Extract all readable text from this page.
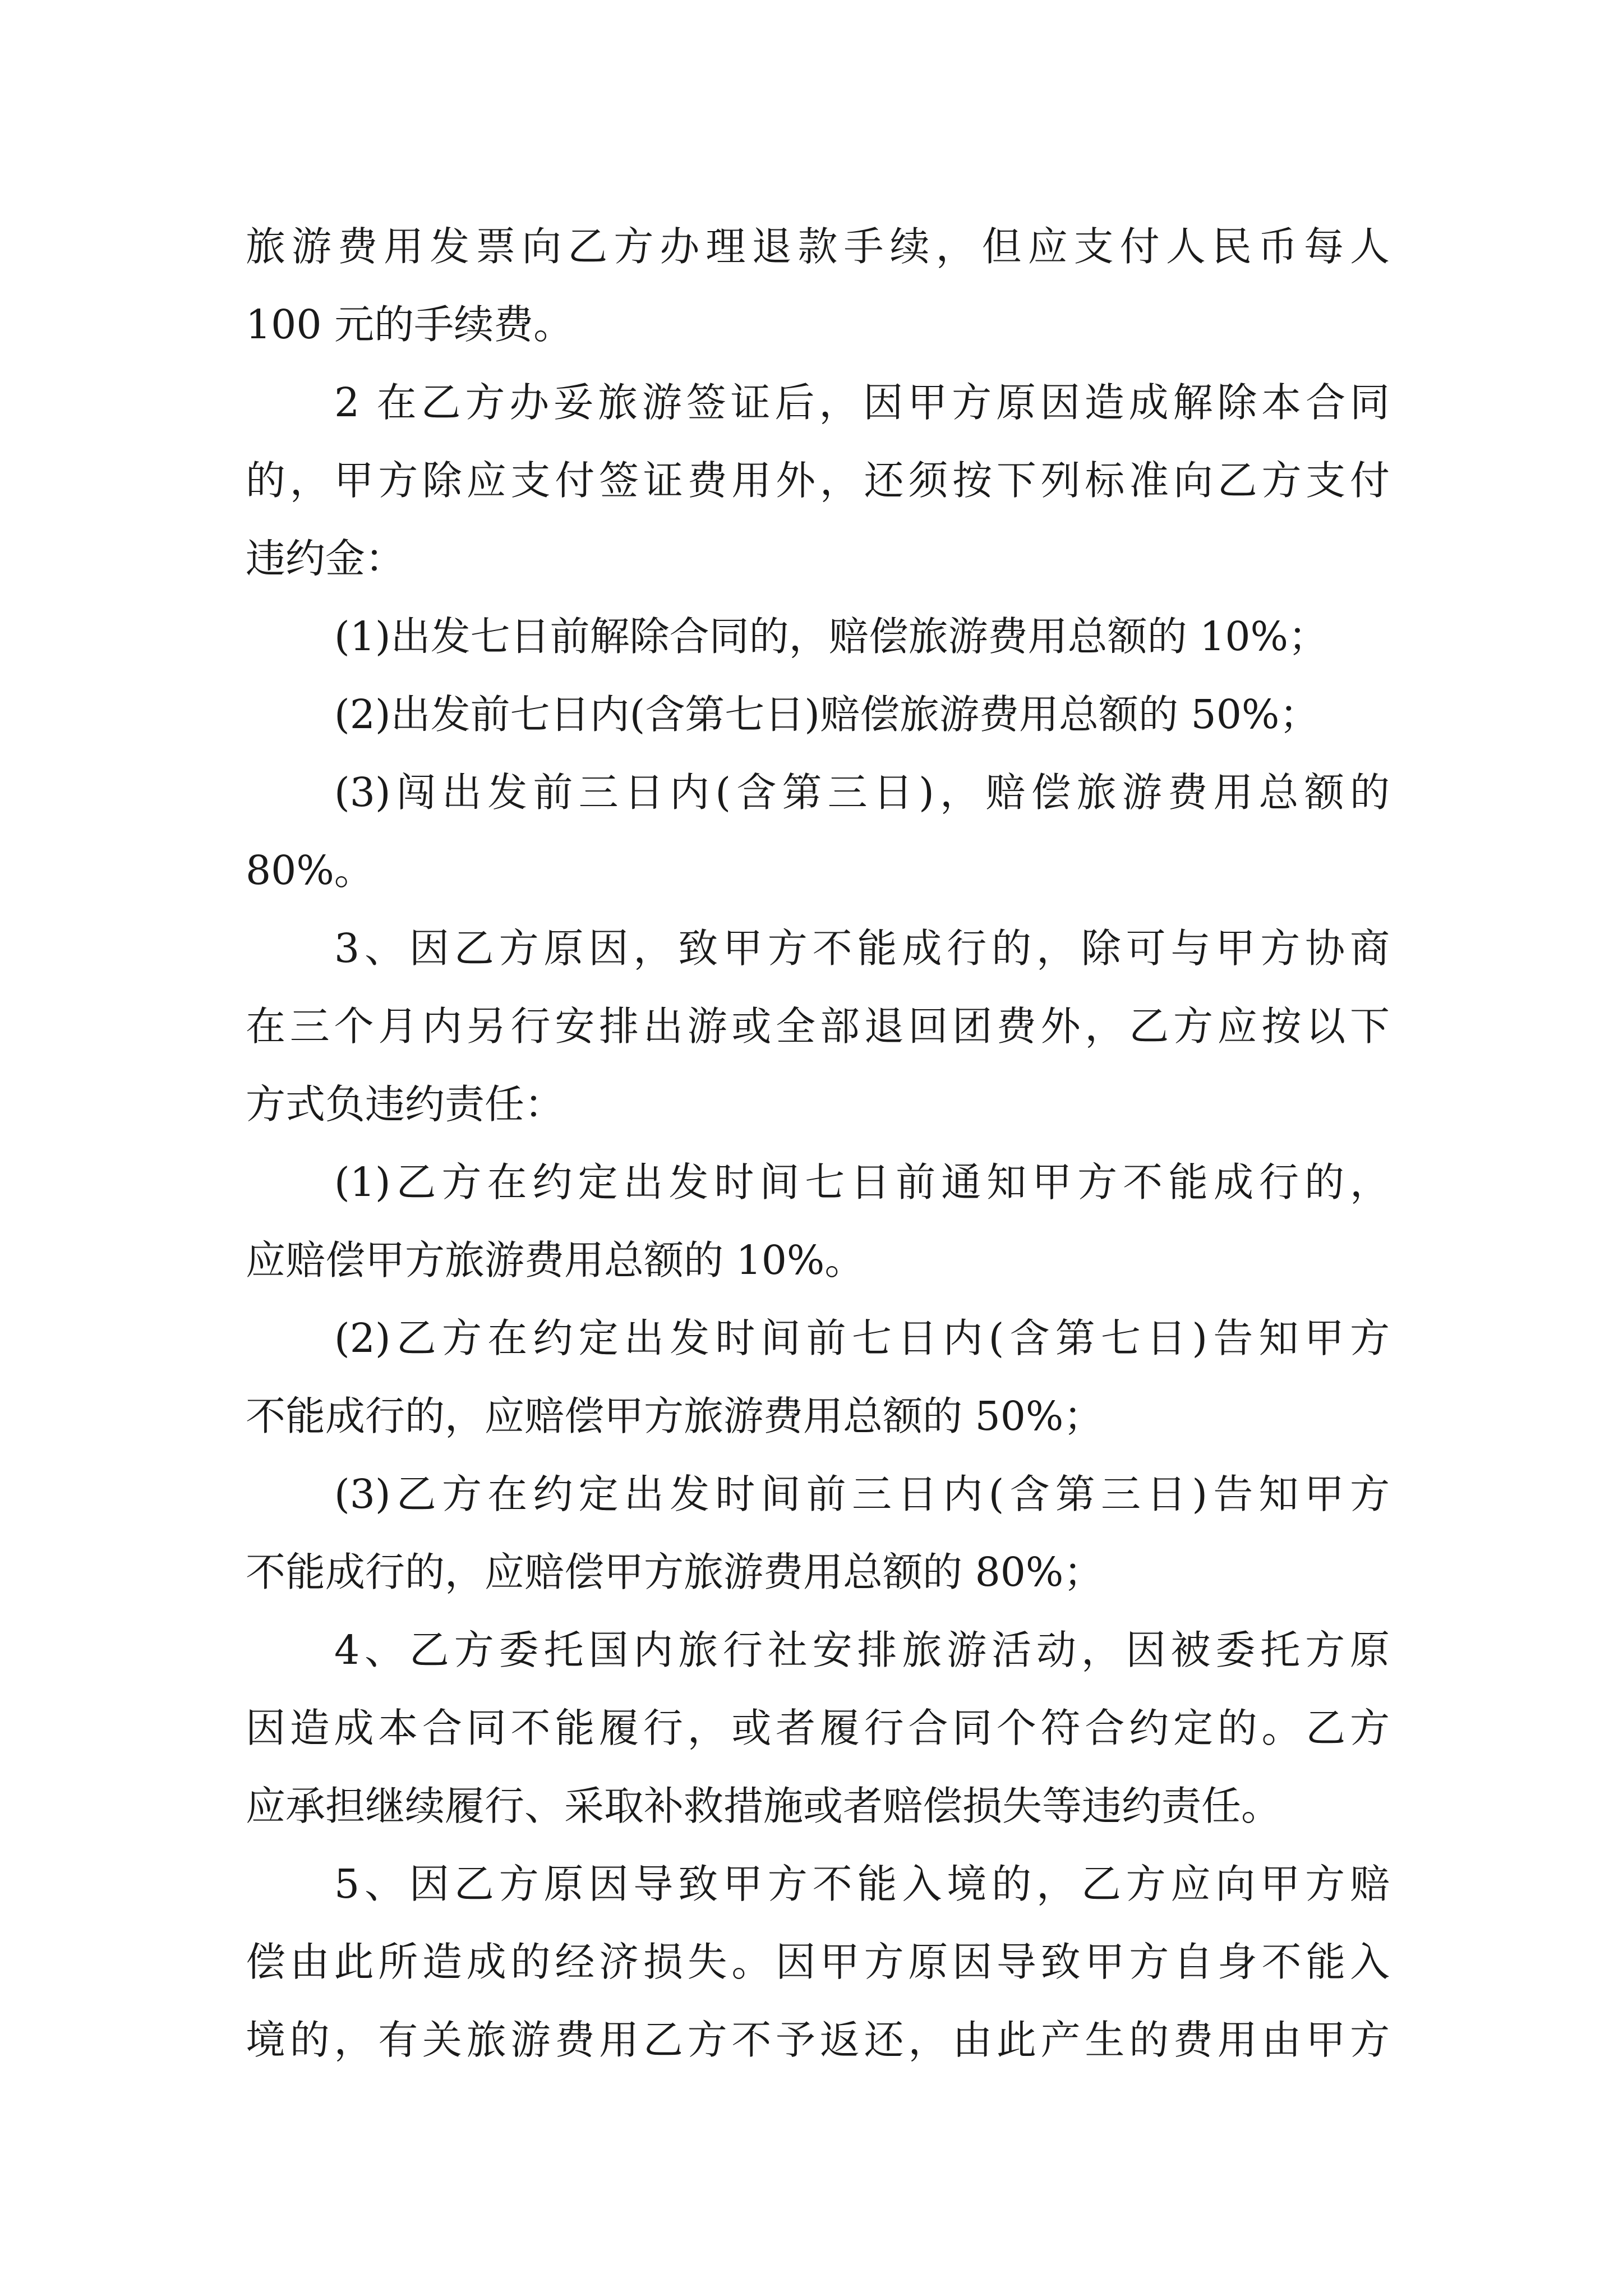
旅游费用发票向乙方办理退款手续，但应支付人民币每人
100 元的手续费。
2 在乙方办妥旅游签证后，因甲方原因造成解除本合同
的，甲方除应支付签证费用外，还须按下列标准向乙方支付
违约金：
(1)出发七日前解除合同的，赔偿旅游费用总额的 10%；
(2)出发前七日内(含第七日)赔偿旅游费用总额的 50%；
(3)闯出发前三日内(含第三日)，赔偿旅游费用总额的
80%。
3、因乙方原因，致甲方不能成行的，除可与甲方协商
在三个月内另行安排出游或全部退回团费外，乙方应按以下
方式负违约责任：
(1)乙方在约定出发时间七日前通知甲方不能成行的，
应赔偿甲方旅游费用总额的 10%。
(2)乙方在约定出发时间前七日内(含第七日)告知甲方
不能成行的，应赔偿甲方旅游费用总额的 50%；
(3)乙方在约定出发时间前三日内(含第三日)告知甲方
不能成行的，应赔偿甲方旅游费用总额的 80%；
4、乙方委托国内旅行社安排旅游活动，因被委托方原
因造成本合同不能履行，或者履行合同个符合约定的。乙方
应承担继续履行、采取补救措施或者赔偿损失等违约责任。
5、因乙方原因导致甲方不能入境的，乙方应向甲方赔
偿由此所造成的经济损失。因甲方原因导致甲方自身不能入
境的，有关旅游费用乙方不予返还，由此产生的费用由甲方
